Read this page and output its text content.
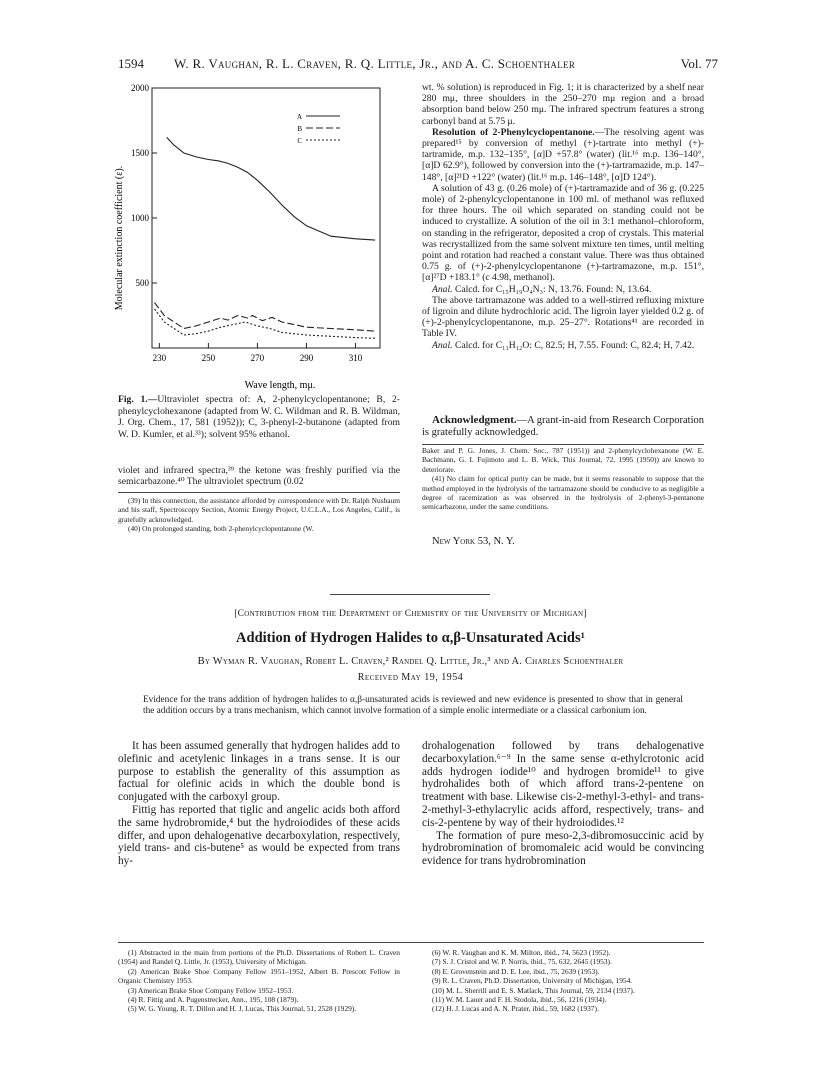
1594 W. R. Vaughan, R. L. Craven, R. Q. Little, Jr., and A. C. Schoenthaler	Vol. 77
500
1000
1500
2000
230	250	270	290	310
A
B
C
Molecular extinction coefficient (ε).
Wave length, mμ.
Fig. 1.—Ultraviolet spectra of: A, 2-phenylcyclopentanone; B, 2-phenylcyclohexanone (adapted from W. C. Wildman and R. B. Wildman, J. Org. Chem., 17, 581 (1952)); C, 3-phenyl-2-butanone (adapted from W. D. Kumler, et al.³³); solvent 95% ethanol.

violet and infrared spectra,³⁹ the ketone was freshly purified via the semicarbazone.⁴⁰ The ultraviolet spectrum (0.02

(39) In this connection, the assistance afforded by correspondence with Dr. Ralph Nusbaum and his staff, Spectroscopy Section, Atomic Energy Project, U.C.L.A., Los Angeles, Calif., is gratefully acknowledged.

(40) On prolonged standing, both 2-phenylcyclopentanone (W.

wt. % solution) is reproduced in Fig. 1; it is characterized by a shelf near 280 mμ, three shoulders in the 250–270 mμ region and a broad absorption band below 250 mμ. The infrared spectrum features a strong carbonyl band at 5.75 μ.

Resolution of 2-Phenylcyclopentanone.—The resolving agent was prepared¹⁵ by conversion of methyl (+)-tartrate into methyl (+)-tartramide, m.p. 132–135°, [α]D +57.8° (water) (lit.¹⁶ m.p. 136–140°, [α]D 62.9°), followed by conversion into the (+)-tartramazide, m.p. 147–148°, [α]²¹D +122° (water) (lit.¹⁶ m.p. 146–148°, [α]D 124°).

A solution of 43 g. (0.26 mole) of (+)-tartramazide and of 36 g. (0.225 mole) of 2-phenylcyclopentanone in 100 ml. of methanol was refluxed for three hours. The oil which separated on standing could not be induced to crystallize. A solution of the oil in 3:1 methanol–chloroform, on standing in the refrigerator, deposited a crop of crystals. This material was recrystallized from the same solvent mixture ten times, until melting point and rotation had reached a constant value. There was thus obtained 0.75 g. of (+)-2-phenylcyclopentanone (+)-tartramazone, m.p. 151°, [α]²⁷D +183.1° (c 4.98, methanol).

Anal. Calcd. for C₁₅H₁₉O₄N₃: N, 13.76. Found: N, 13.64.

The above tartramazone was added to a well-stirred refluxing mixture of ligroin and dilute hydrochloric acid. The ligroin layer yielded 0.2 g. of (+)-2-phenylcyclopentanone, m.p. 25–27°. Rotations⁴¹ are recorded in Table IV.

Anal. Calcd. for C₁₁H₁₂O: C, 82.5; H, 7.55. Found: C, 82.4; H, 7.42.

Acknowledgment.—A grant-in-aid from Research Corporation is gratefully acknowledged.

Baker and P. G. Jones, J. Chem. Soc., 787 (1951)) and 2-phenylcyclohexanone (W. E. Bachmann, G. I. Fujimoto and L. B. Wick, This Journal, 72, 1995 (1950)) are known to deteriorate.

(41) No claim for optical purity can be made, but it seems reasonable to suppose that the method employed in the hydrolysis of the tartramazone should be conducive to as negligible a degree of racemization as was observed in the hydrolysis of 2-phenyl-3-pentanone semicarbazone, under the same conditions.

New York 53, N. Y.
[Contribution from the Department of Chemistry of the University of Michigan]
Addition of Hydrogen Halides to α,β-Unsaturated Acids¹
By Wyman R. Vaughan, Robert L. Craven,² Randel Q. Little, Jr.,³ and A. Charles Schoenthaler
Received May 19, 1954
Evidence for the trans addition of hydrogen halides to α,β-unsaturated acids is reviewed and new evidence is presented to show that in general the addition occurs by a trans mechanism, which cannot involve formation of a simple enolic intermediate or a classical carbonium ion.

It has been assumed generally that hydrogen halides add to olefinic and acetylenic linkages in a trans sense. It is our purpose to establish the generality of this assumption as factual for olefinic acids in which the double bond is conjugated with the carboxyl group.

Fittig has reported that tiglic and angelic acids both afford the same hydrobromide,⁴ but the hydroiodides of these acids differ, and upon dehalogenative decarboxylation, respectively, yield trans- and cis-butene⁵ as would be expected from trans hy-

drohalogenation followed by trans dehalogenative decarboxylation.⁶⁻⁹ In the same sense α-ethylcrotonic acid adds hydrogen iodide¹⁰ and hydrogen bromide¹¹ to give hydrohalides both of which afford trans-2-pentene on treatment with base. Likewise cis-2-methyl-3-ethyl- and trans-2-methyl-3-ethylacrylic acids afford, respectively, trans- and cis-2-pentene by way of their hydroiodides.¹²

The formation of pure meso-2,3-dibromosuccinic acid by hydrobromination of bromomaleic acid would be convincing evidence for trans hydrobromination

(1) Abstracted in the main from portions of the Ph.D. Dissertations of Robert L. Craven (1954) and Randel Q. Little, Jr. (1953), University of Michigan.

(2) American Brake Shoe Company Fellow 1951–1952, Albert B. Prescott Fellow in Organic Chemistry 1953.

(3) American Brake Shoe Company Fellow 1952–1953.

(4) R. Fittig and A. Pugenstrecker, Ann., 195, 108 (1879).

(5) W. G. Young, R. T. Dillon and H. J. Lucas, This Journal, 51, 2528 (1929).

(6) W. R. Vaughan and K. M. Milton, ibid., 74, 5623 (1952).

(7) S. J. Cristol and W. P. Norris, ibid., 75, 632, 2645 (1953).

(8) E. Grovenstein and D. E. Lee, ibid., 75, 2639 (1953).

(9) R. L. Craven, Ph.D. Dissertation, University of Michigan, 1954.

(10) M. L. Sherrill and E. S. Matlack, This Journal, 59, 2134 (1937).

(11) W. M. Lauer and F. H. Stodola, ibid., 56, 1216 (1934).

(12) H. J. Lucas and A. N. Prater, ibid., 59, 1682 (1937).
